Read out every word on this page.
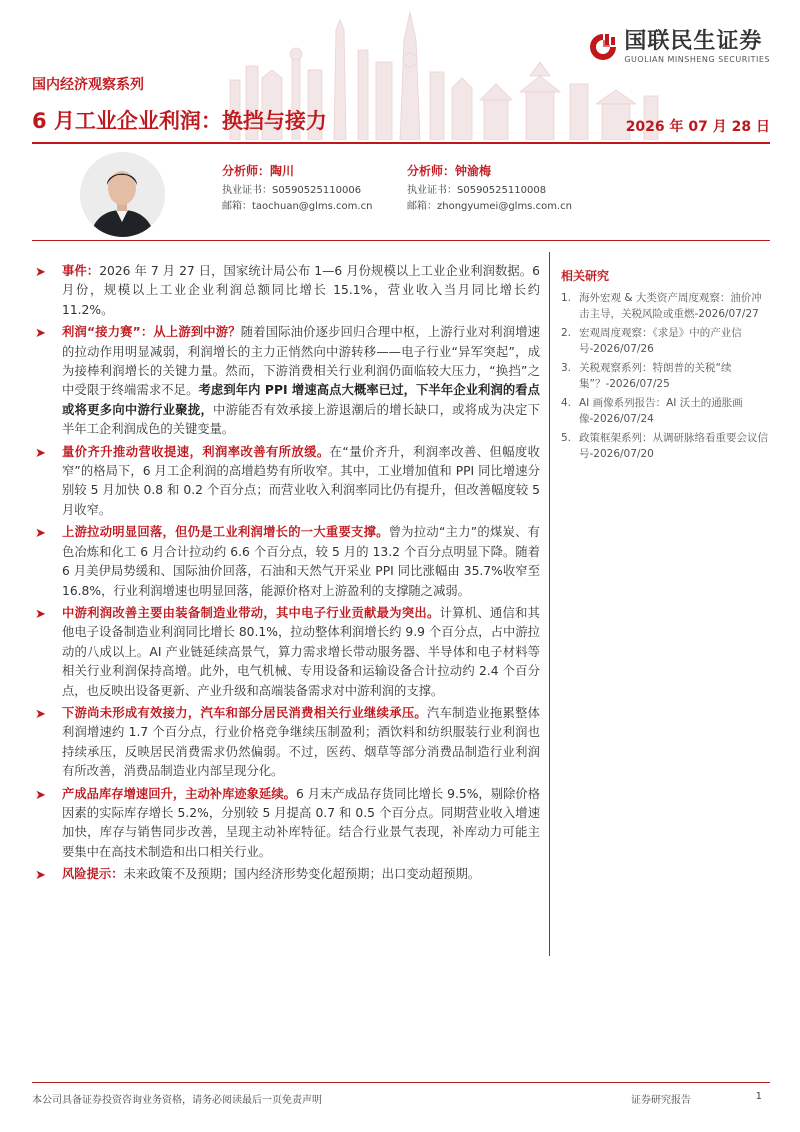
国联民生证券
GUOLIAN MINSHENG SECURITIES
国内经济观察系列
6 月工业企业利润：换挡与接力	2026 年 07 月 28 日
分析师：陶川
执业证书：S0590525110006
邮箱：taochuan@glms.com.cn
分析师：钟渝梅
执业证书：S0590525110008
邮箱：zhongyumei@glms.com.cn
➤ 事件：2026 年 7 月 27 日，国家统计局公布 1—6 月份规模以上工业企业利润数据。6 月份，规模以上工业企业利润总额同比增长 15.1%，营业收入当月同比增长约 11.2%。
➤ 利润“接力赛”：从上游到中游？随着国际油价逐步回归合理中枢，上游行业对利润增速的拉动作用明显减弱，利润增长的主力正悄然向中游转移——电子行业“异军突起”，成为接棒利润增长的关键力量。然而，下游消费相关行业利润仍面临较大压力，“换挡”之中受限于终端需求不足。考虑到年内 PPI 增速高点大概率已过，下半年企业利润的看点或将更多向中游行业聚拢，中游能否有效承接上游退潮后的增长缺口，或将成为决定下半年工企利润成色的关键变量。
➤ 量价齐升推动营收提速，利润率改善有所放缓。在“量价齐升，利润率改善、但幅度收窄”的格局下，6 月工企利润的高增趋势有所收窄。其中，工业增加值和 PPI 同比增速分别较 5 月加快 0.8 和 0.2 个百分点；而营业收入利润率同比仍有提升，但改善幅度较 5 月收窄。
➤ 上游拉动明显回落，但仍是工业利润增长的一大重要支撑。曾为拉动“主力”的煤炭、有色冶炼和化工 6 月合计拉动约 6.6 个百分点，较 5 月的 13.2 个百分点明显下降。随着 6 月美伊局势缓和、国际油价回落，石油和天然气开采业 PPI 同比涨幅由 35.7%收窄至 16.8%，行业利润增速也明显回落，能源价格对上游盈利的支撑随之减弱。
➤ 中游利润改善主要由装备制造业带动，其中电子行业贡献最为突出。计算机、通信和其他电子设备制造业利润同比增长 80.1%，拉动整体利润增长约 9.9 个百分点，占中游拉动的八成以上。AI 产业链延续高景气，算力需求增长带动服务器、半导体和电子材料等相关行业利润保持高增。此外，电气机械、专用设备和运输设备合计拉动约 2.4 个百分点，也反映出设备更新、产业升级和高端装备需求对中游利润的支撑。
➤ 下游尚未形成有效接力，汽车和部分居民消费相关行业继续承压。汽车制造业拖累整体利润增速约 1.7 个百分点，行业价格竞争继续压制盈利；酒饮料和纺织服装行业利润也持续承压，反映居民消费需求仍然偏弱。不过，医药、烟草等部分消费品制造行业利润有所改善，消费品制造业内部呈现分化。
➤ 产成品库存增速回升，主动补库迹象延续。6 月末产成品存货同比增长 9.5%，剔除价格因素的实际库存增长 5.2%，分别较 5 月提高 0.7 和 0.5 个百分点。同期营业收入增速加快，库存与销售同步改善，呈现主动补库特征。结合行业景气表现，补库动力可能主要集中在高技术制造和出口相关行业。
➤ 风险提示：未来政策不及预期；国内经济形势变化超预期；出口变动超预期。
相关研究
1. 海外宏观 & 大类资产周度观察：油价冲击主导，关税风险或重燃-2026/07/27
2. 宏观周度观察：《求是》中的产业信号-2026/07/26
3. 关税观察系列：特朗普的关税“续集”？-2026/07/25
4. AI 画像系列报告：AI 沃土的通胀画像-2026/07/24
5. 政策框架系列：从调研脉络看重要会议信号-2026/07/20
本公司具备证券投资咨询业务资格，请务必阅读最后一页免责声明	证券研究报告	1
